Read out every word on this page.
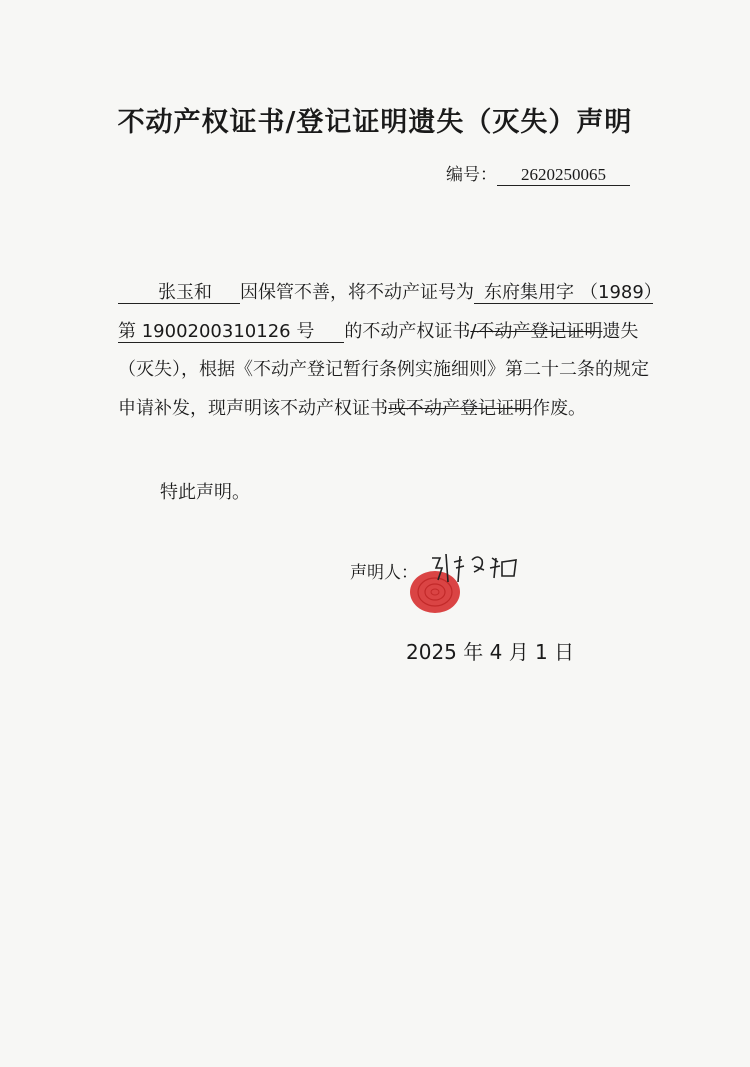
不动产权证书/登记证明遗失（灭失）声明
编号： 2620250065
张玉和 因保管不善，将不动产证号为 东府集用字 （1989）第 1900200310126 号 的不动产权证书/不动产登记证明遗失（灭失），根据《不动产登记暂行条例实施细则》第二十二条的规定申请补发，现声明该不动产权证书或不动产登记证明作废。
特此声明。
声明人：
2025 年 4 月 1 日
